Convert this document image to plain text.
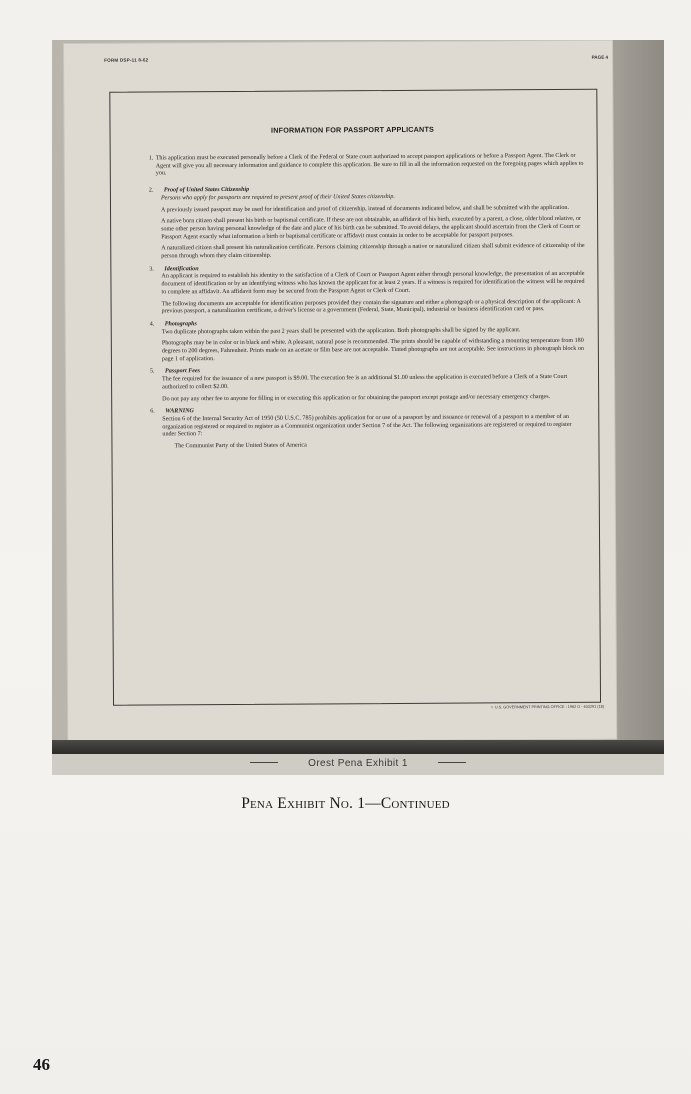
FORM DSP-11 8-62
PAGE 4
INFORMATION FOR PASSPORT APPLICANTS
1. This application must be executed personally before a Clerk of the Federal or State court authorized to accept passport applications or before a Passport Agent. The Clerk or Agent will give you all necessary information and guidance to complete this application. Be sure to fill in all the information requested on the foregoing pages which applies to you.

2.	Proof of United States Citizenship

Persons who apply for passports are required to present proof of their United States citizenship.

A previously issued passport may be used for identification and proof of citizenship, instead of documents indicated below, and shall be submitted with the application.

A native born citizen shall present his birth or baptismal certificate. If these are not obtainable, an affidavit of his birth, executed by a parent, a close, older blood relative, or some other person having personal knowledge of the date and place of his birth can be submitted. To avoid delays, the applicant should ascertain from the Clerk of Court or Passport Agent exactly what information a birth or baptismal certificate or affidavit must contain in order to be acceptable for passport purposes.

A naturalized citizen shall present his naturalization certificate. Persons claiming citizenship through a native or naturalized citizen shall submit evidence of citizenship of the person through whom they claim citizenship.

3.	Identification

An applicant is required to establish his identity to the satisfaction of a Clerk of Court or Passport Agent either through personal knowledge, the presentation of an acceptable document of identification or by an identifying witness who has known the applicant for at least 2 years. If a witness is required for identification the witness will be required to complete an affidavit. An affidavit form may be secured from the Passport Agent or Clerk of Court.

The following documents are acceptable for identification purposes provided they contain the signature and either a photograph or a physical description of the applicant: A previous passport, a naturalization certificate, a driver's license or a government (Federal, State, Municipal), industrial or business identification card or pass.

4.	Photographs

Two duplicate photographs taken within the past 2 years shall be presented with the application. Both photographs shall be signed by the applicant.

Photographs may be in color or in black and white. A pleasant, natural pose is recommended. The prints should be capable of withstanding a mounting temperature from 180 degrees to 200 degrees, Fahrenheit. Prints made on an acetate or film base are not acceptable. Tinted photographs are not acceptable. See instructions in photograph block on page 1 of application.

5.	Passport Fees

The fee required for the issuance of a new passport is $9.00. The execution fee is an additional $1.00 unless the application is executed before a Clerk of a State Court authorized to collect $2.00.

Do not pay any other fee to anyone for filling in or executing this application or for obtaining the passport except postage and/or necessary emergency charges.

6.	WARNING

Section 6 of the Internal Security Act of 1950 (50 U.S.C. 785) prohibits application for or use of a passport by and issuance or renewal of a passport to a member of an organization registered or required to register as a Communist organization under Section 7 of the Act. The following organizations are registered or required to register under Section 7:

The Communist Party of the United States of America

☆ U.S. GOVERNMENT PRINTING OFFICE : 1962 O - 633291 (18)
Orest Pena Exhibit 1
Pena Exhibit No. 1—Continued
46
